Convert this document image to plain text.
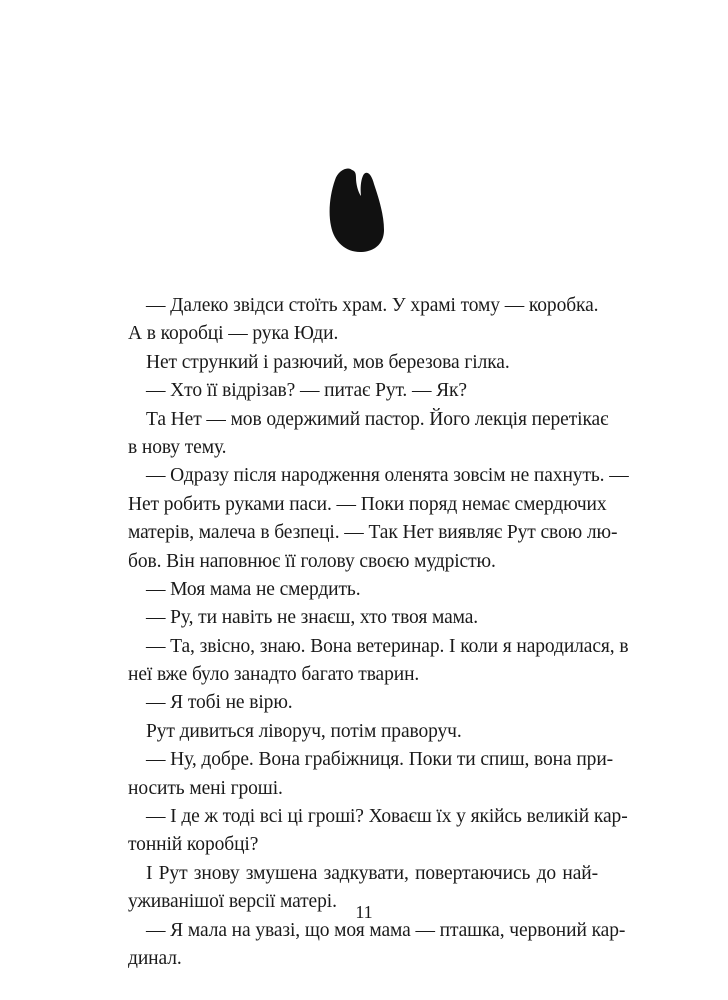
— Далеко звідси стоїть храм. У храмі тому — коробка.
А в коробці — рука Юди.
Нет стрункий і разючий, мов березова гілка.
— Хто її відрізав? — питає Рут. — Як?
Та Нет — мов одержимий пастор. Його лекція перетікає
в нову тему.
— Одразу після народження оленята зовсім не пахнуть. —
Нет робить руками паси. — Поки поряд немає смердючих
матерів, малеча в безпеці. — Так Нет виявляє Рут свою лю-
бов. Він наповнює її голову своєю мудрістю.
— Моя мама не смердить.
— Ру, ти навіть не знаєш, хто твоя мама.
— Та, звісно, знаю. Вона ветеринар. І коли я народилася, в
неї вже було занадто багато тварин.
— Я тобі не вірю.
Рут дивиться ліворуч, потім праворуч.
— Ну, добре. Вона грабіжниця. Поки ти спиш, вона при-
носить мені гроші.
— І де ж тоді всі ці гроші? Ховаєш їх у якійсь великій кар-
тонній коробці?
І Рут знову змушена задкувати, повертаючись до най-
уживанішої версії матері.
— Я мала на увазі, що моя мама — пташка, червоний кар-
динал.
11
